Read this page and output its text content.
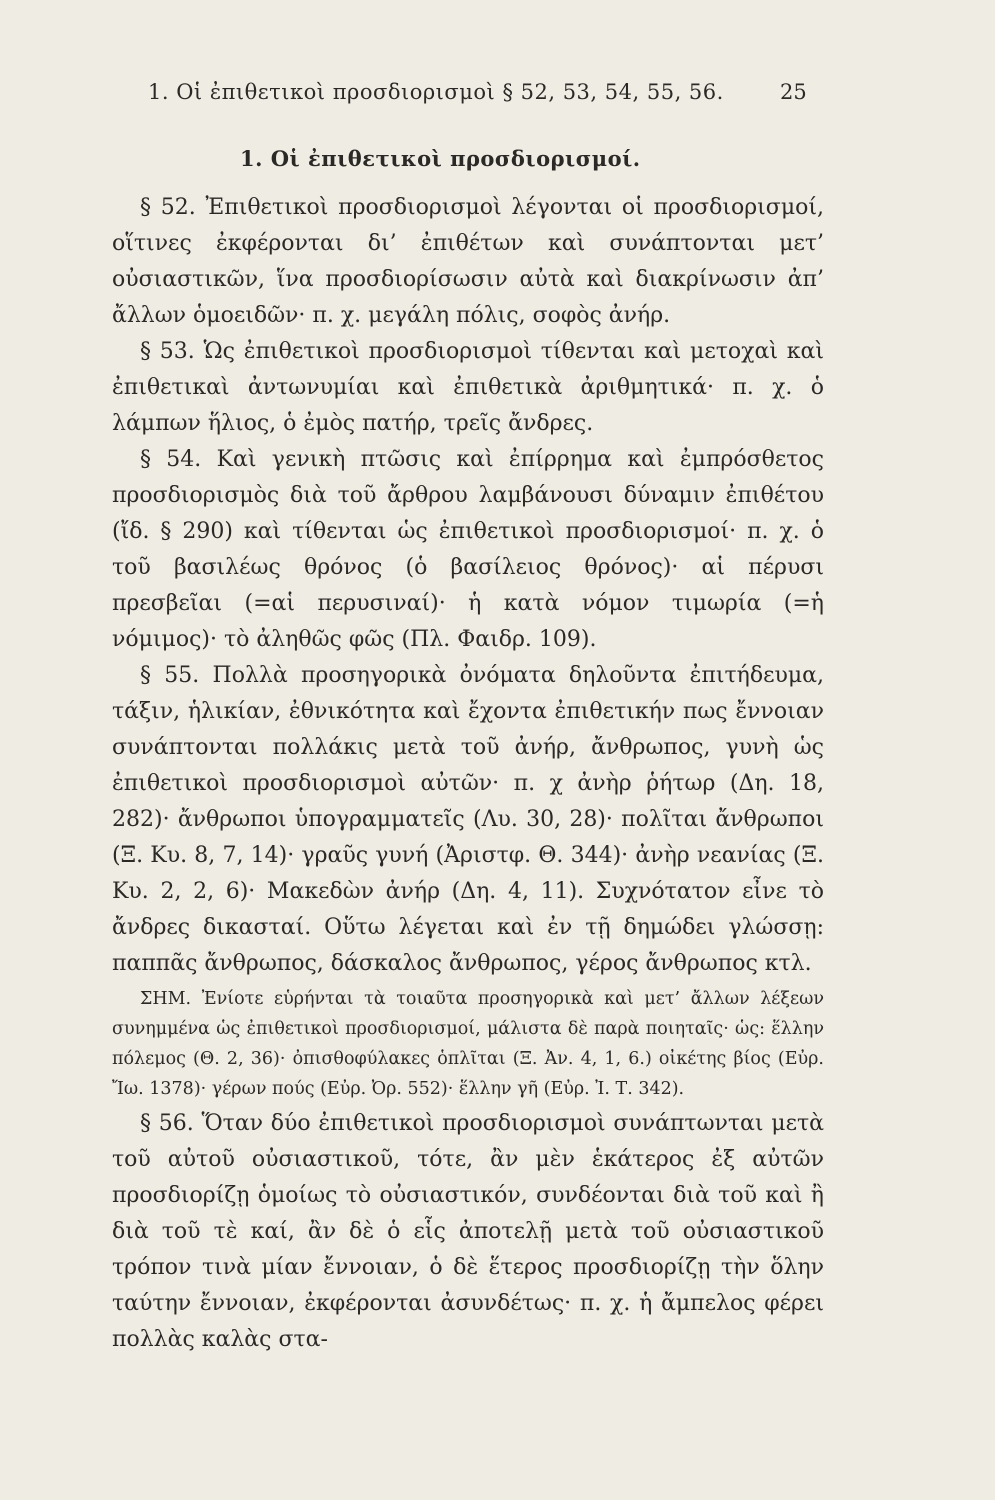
1. Οἱ ἐπιθετικοὶ προσδιορισμοὶ § 52, 53, 54, 55, 56.	25
1. Οἱ ἐπιθετικοὶ προσδιορισμοί.

§ 52. Ἐπιθετικοὶ προσδιορισμοὶ λέγονται οἱ προσδιορισμοί, οἵτινες ἐκφέρονται δι’ ἐπιθέτων καὶ συνάπτονται μετ’ οὐσιαστικῶν, ἵνα προσδιορίσωσιν αὐτὰ καὶ διακρίνωσιν ἀπ’ ἄλλων ὁμοειδῶν· π. χ. μεγάλη πόλις, σοφὸς ἀνήρ.

§ 53. Ὡς ἐπιθετικοὶ προσδιορισμοὶ τίθενται καὶ μετοχαὶ καὶ ἐπιθετικαὶ ἀντωνυμίαι καὶ ἐπιθετικὰ ἀριθμητικά· π. χ. ὁ λάμπων ἥλιος, ὁ ἐμὸς πατήρ, τρεῖς ἄνδρες.

§ 54. Καὶ γενικὴ πτῶσις καὶ ἐπίρρημα καὶ ἐμπρόσθετος προσδιορισμὸς διὰ τοῦ ἄρθρου λαμβάνουσι δύναμιν ἐπιθέτου (ἴδ. § 290) καὶ τίθενται ὡς ἐπιθετικοὶ προσδιορισμοί· π. χ. ὁ τοῦ βασιλέως θρόνος (ὁ βασίλειος θρόνος)· αἱ πέρυσι πρεσβεῖαι (=αἱ περυσιναί)· ἡ κατὰ νόμον τιμωρία (=ἡ νόμιμος)· τὸ ἀληθῶς φῶς (Πλ. Φαιδρ. 109).

§ 55. Πολλὰ προσηγορικὰ ὀνόματα δηλοῦντα ἐπιτήδευμα, τάξιν, ἡλικίαν, ἐθνικότητα καὶ ἔχοντα ἐπιθετικήν πως ἔννοιαν συνάπτονται πολλάκις μετὰ τοῦ ἀνήρ, ἄνθρωπος, γυνὴ ὡς ἐπιθετικοὶ προσδιορισμοὶ αὐτῶν· π. χ ἀνὴρ ῥήτωρ (Δη. 18, 282)· ἄνθρωποι ὑπογραμματεῖς (Λυ. 30, 28)· πολῖται ἄνθρωποι (Ξ. Κυ. 8, 7, 14)· γραῦς γυνή (Ἀριστφ. Θ. 344)· ἀνὴρ νεανίας (Ξ. Κυ. 2, 2, 6)· Μακεδὼν ἀνήρ (Δη. 4, 11). Συχνότατον εἶνε τὸ ἄνδρες δικασταί. Οὕτω λέγεται καὶ ἐν τῇ δημώδει γλώσσῃ: παππᾶς ἄνθρωπος, δάσκαλος ἄνθρωπος, γέρος ἄνθρωπος κτλ.

ΣΗΜ. Ἐνίοτε εὑρήνται τὰ τοιαῦτα προσηγορικὰ καὶ μετ’ ἄλλων λέξεων συνημμένα ὡς ἐπιθετικοὶ προσδιορισμοί, μάλιστα δὲ παρὰ ποιηταῖς· ὡς: ἕλλην πόλεμος (Θ. 2, 36)· ὀπισθοφύλακες ὁπλῖται (Ξ. Ἀν. 4, 1, 6.) οἰκέτης βίος (Εὐρ. Ἴω. 1378)· γέρων πούς (Εὐρ. Ὀρ. 552)· ἕλλην γῆ (Εὐρ. Ἰ. Τ. 342).

§ 56. Ὅταν δύο ἐπιθετικοὶ προσδιορισμοὶ συνάπτωνται μετὰ τοῦ αὐτοῦ οὐσιαστικοῦ, τότε, ἂν μὲν ἑκάτερος ἐξ αὐτῶν προσδιορίζῃ ὁμοίως τὸ οὐσιαστικόν, συνδέονται διὰ τοῦ καὶ ἢ διὰ τοῦ τὲ καί, ἂν δὲ ὁ εἷς ἀποτελῇ μετὰ τοῦ οὐσιαστικοῦ τρόπον τινὰ μίαν ἔννοιαν, ὁ δὲ ἕτερος προσδιορίζῃ τὴν ὅλην ταύτην ἔννοιαν, ἐκφέρονται ἀσυνδέτως· π. χ. ἡ ἄμπελος φέρει πολλὰς καλὰς στα-
